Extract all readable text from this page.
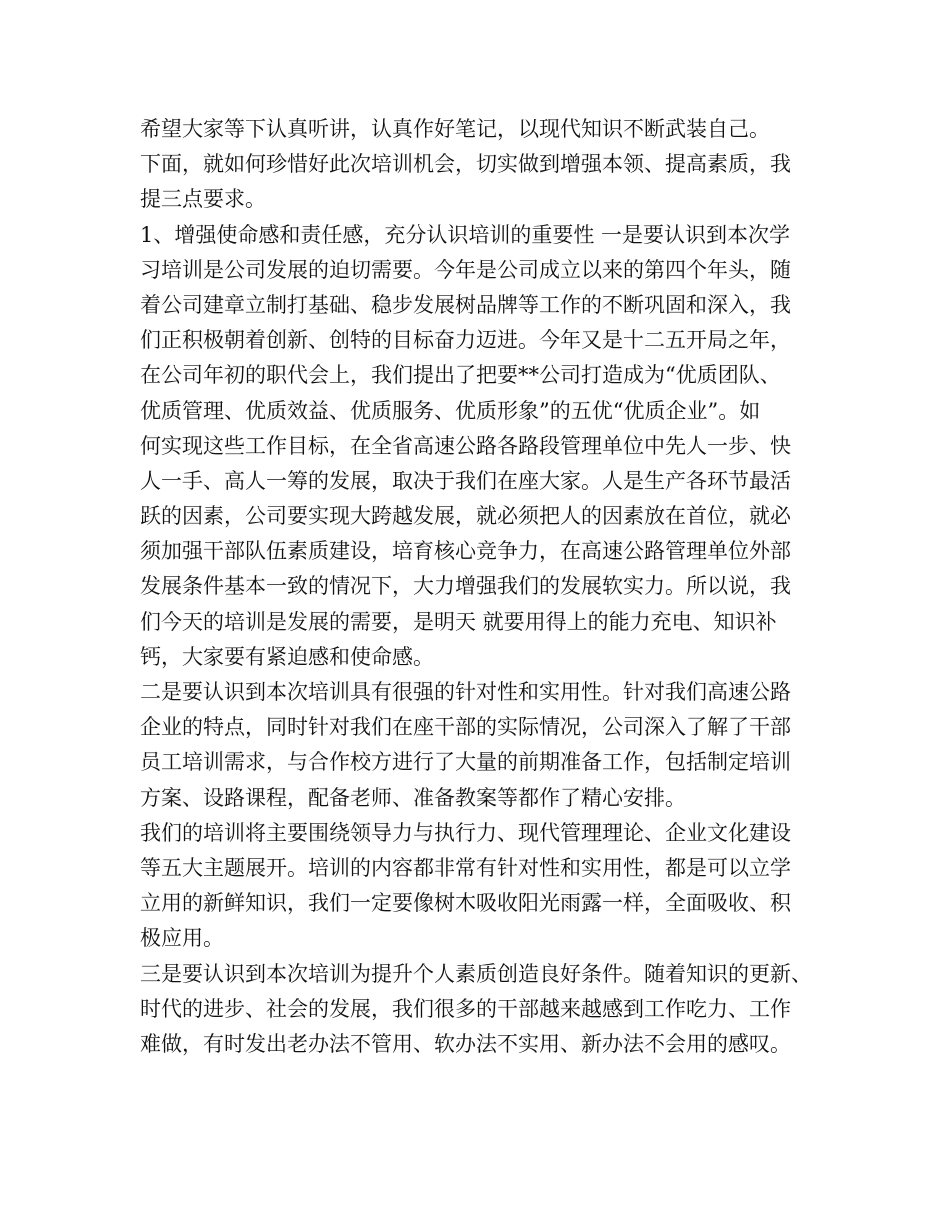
希望大家等下认真听讲，认真作好笔记，以现代知识不断武装自己。

下面，就如何珍惜好此次培训机会，切实做到增强本领、提高素质，我
提三点要求。

1、增强使命感和责任感，充分认识培训的重要性 一是要认识到本次学
习培训是公司发展的迫切需要。今年是公司成立以来的第四个年头，随
着公司建章立制打基础、稳步发展树品牌等工作的不断巩固和深入，我
们正积极朝着创新、创特的目标奋力迈进。今年又是十二五开局之年，
在公司年初的职代会上，我们提出了把要**公司打造成为“优质团队、
优质管理、优质效益、优质服务、优质形象”的五优“优质企业”。如
何实现这些工作目标，在全省高速公路各路段管理单位中先人一步、快
人一手、高人一筹的发展，取决于我们在座大家。人是生产各环节最活
跃的因素，公司要实现大跨越发展，就必须把人的因素放在首位，就必
须加强干部队伍素质建设，培育核心竞争力，在高速公路管理单位外部
发展条件基本一致的情况下，大力增强我们的发展软实力。所以说，我
们今天的培训是发展的需要，是明天 就要用得上的能力充电、知识补
钙，大家要有紧迫感和使命感。

二是要认识到本次培训具有很强的针对性和实用性。针对我们高速公路
企业的特点，同时针对我们在座干部的实际情况，公司深入了解了干部
员工培训需求，与合作校方进行了大量的前期准备工作，包括制定培训
方案、设路课程，配备老师、准备教案等都作了精心安排。

我们的培训将主要围绕领导力与执行力、现代管理理论、企业文化建设
等五大主题展开。培训的内容都非常有针对性和实用性，都是可以立学
立用的新鲜知识，我们一定要像树木吸收阳光雨露一样，全面吸收、积
极应用。

三是要认识到本次培训为提升个人素质创造良好条件。随着知识的更新、
时代的进步、社会的发展，我们很多的干部越来越感到工作吃力、工作
难做，有时发出老办法不管用、软办法不实用、新办法不会用的感叹。
